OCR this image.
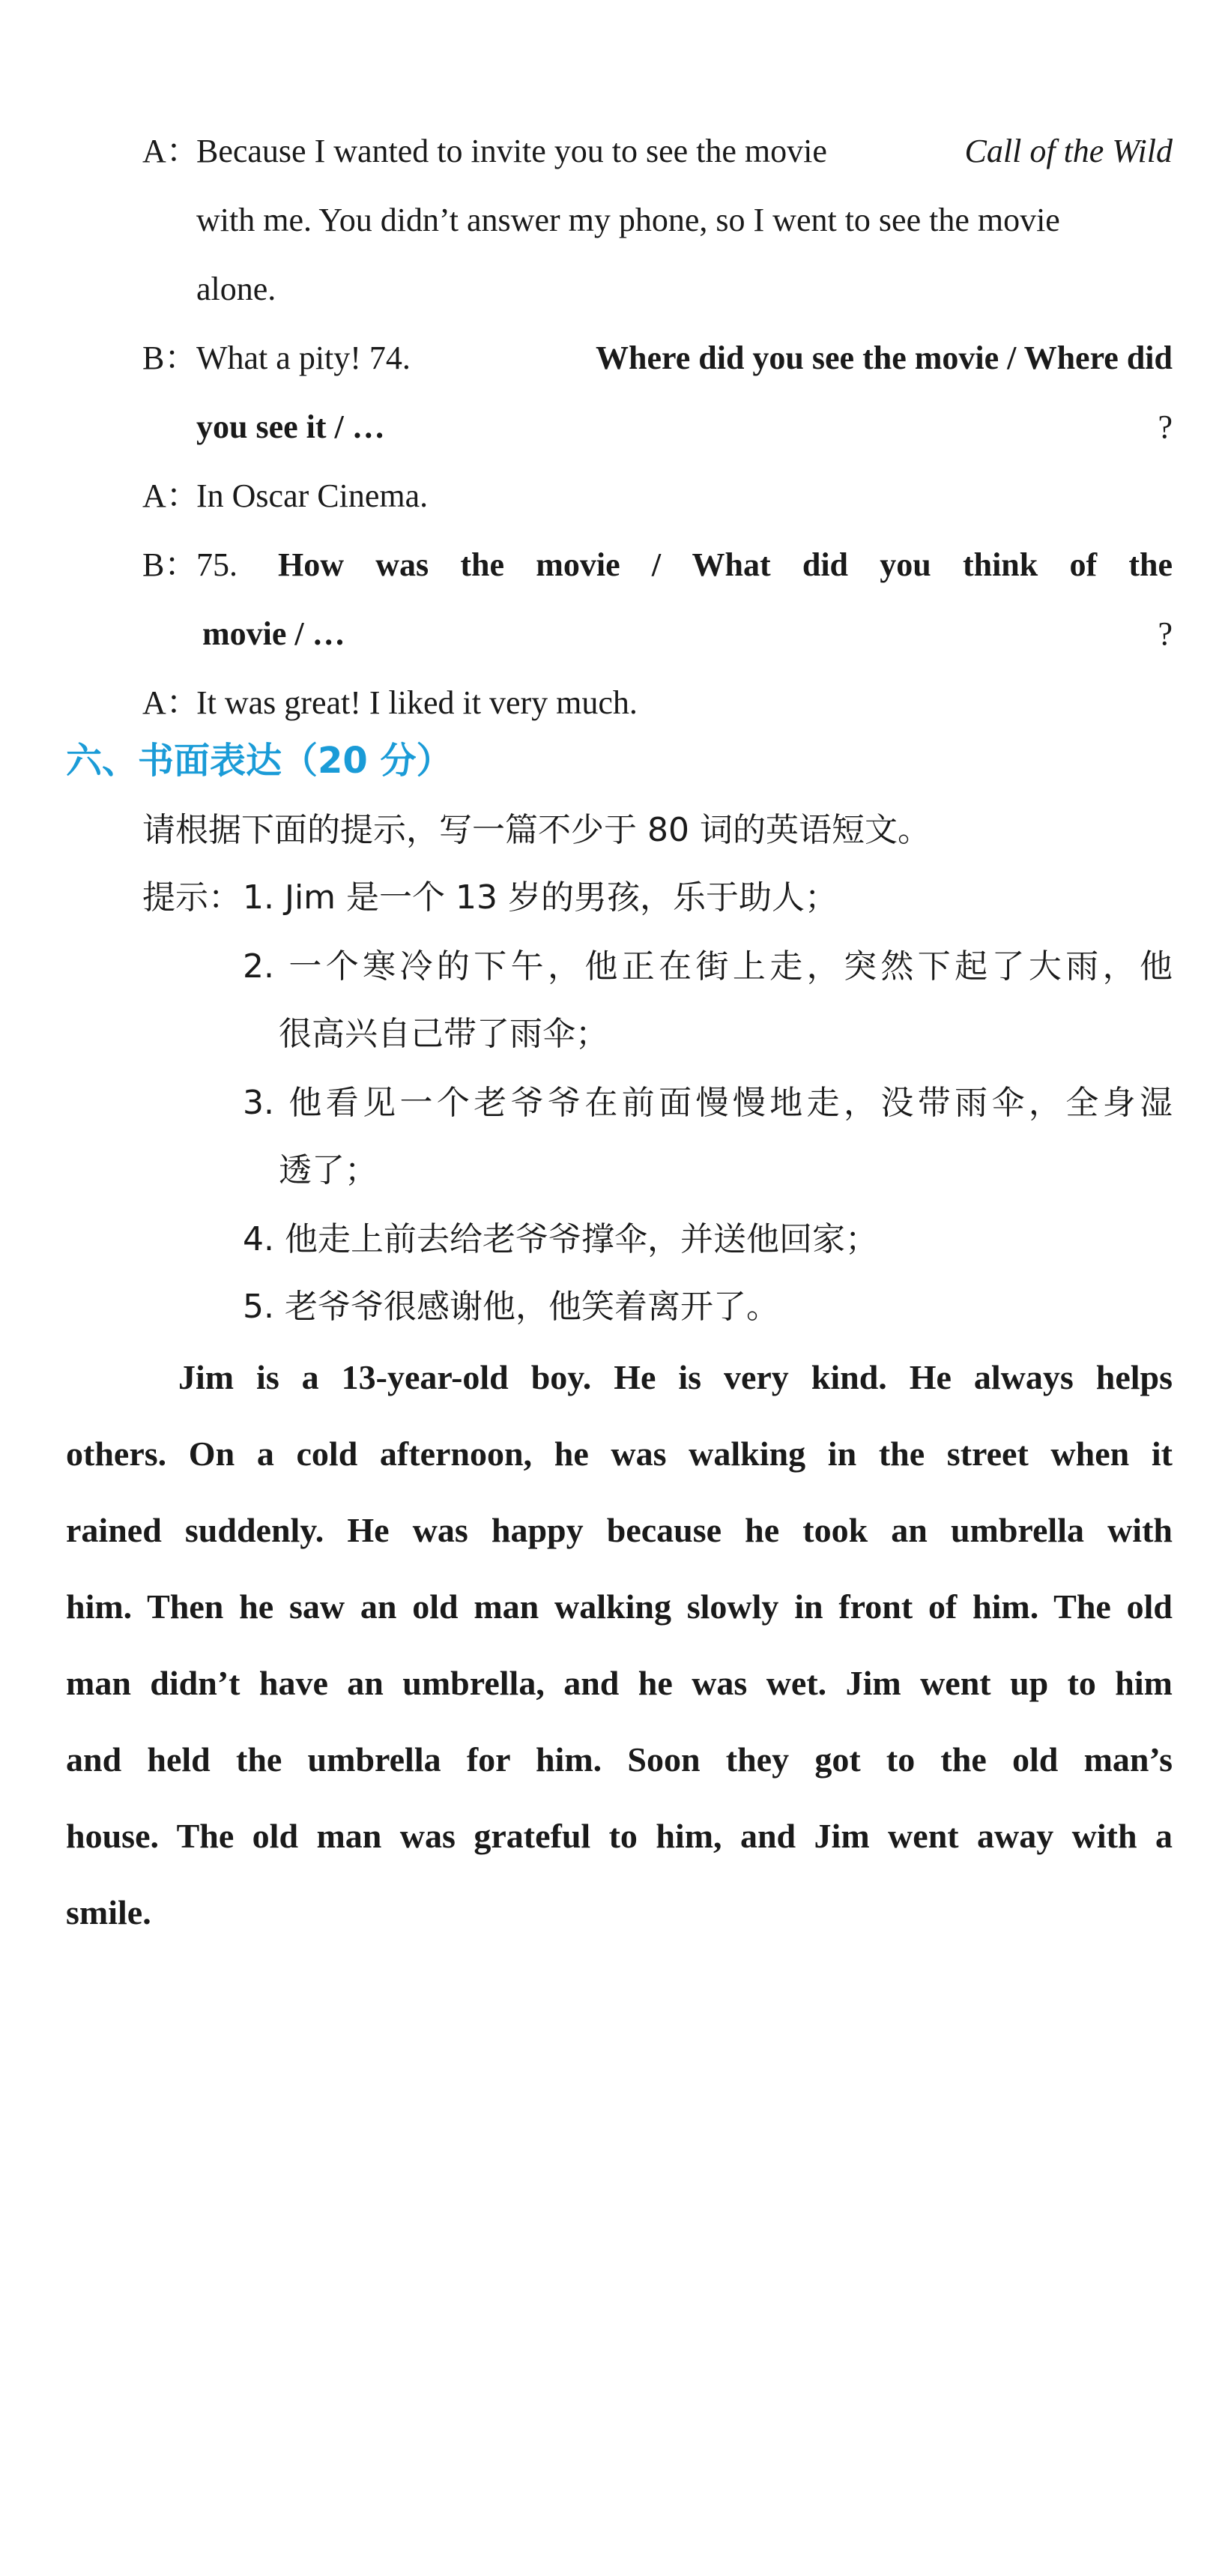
A：
Because I wanted to invite you to see the movie	Call of the Wild
with me. You didn’t answer my phone, so I went to see the movie
alone.
B：
What a pity! 74.	Where did you see the movie / Where did
you see it / …	?
A：
In Oscar Cinema.
B：
75. How was the movie / What did you think of the
movie / …	?
A：
It was great! I liked it very much.
六、书面表达（20 分）
请根据下面的提示，写一篇不少于 80 词的英语短文。
提示： 1. Jim 是一个 13 岁的男孩，乐于助人；
2. 一个寒冷的下午，他正在街上走，突然下起了大雨，他
很高兴自己带了雨伞；
3. 他看见一个老爷爷在前面慢慢地走，没带雨伞，全身湿
透了；
4. 他走上前去给老爷爷撑伞，并送他回家；
5. 老爷爷很感谢他，他笑着离开了。
Jim is a 13-year-old boy. He is very kind. He always helps
others. On a cold afternoon, he was walking in the street when it
rained suddenly. He was happy because he took an umbrella with
him. Then he saw an old man walking slowly in front of him. The old
man didn’t have an umbrella, and he was wet. Jim went up to him
and held the umbrella for him. Soon they got to the old man’s
house. The old man was grateful to him, and Jim went away with a
smile.
